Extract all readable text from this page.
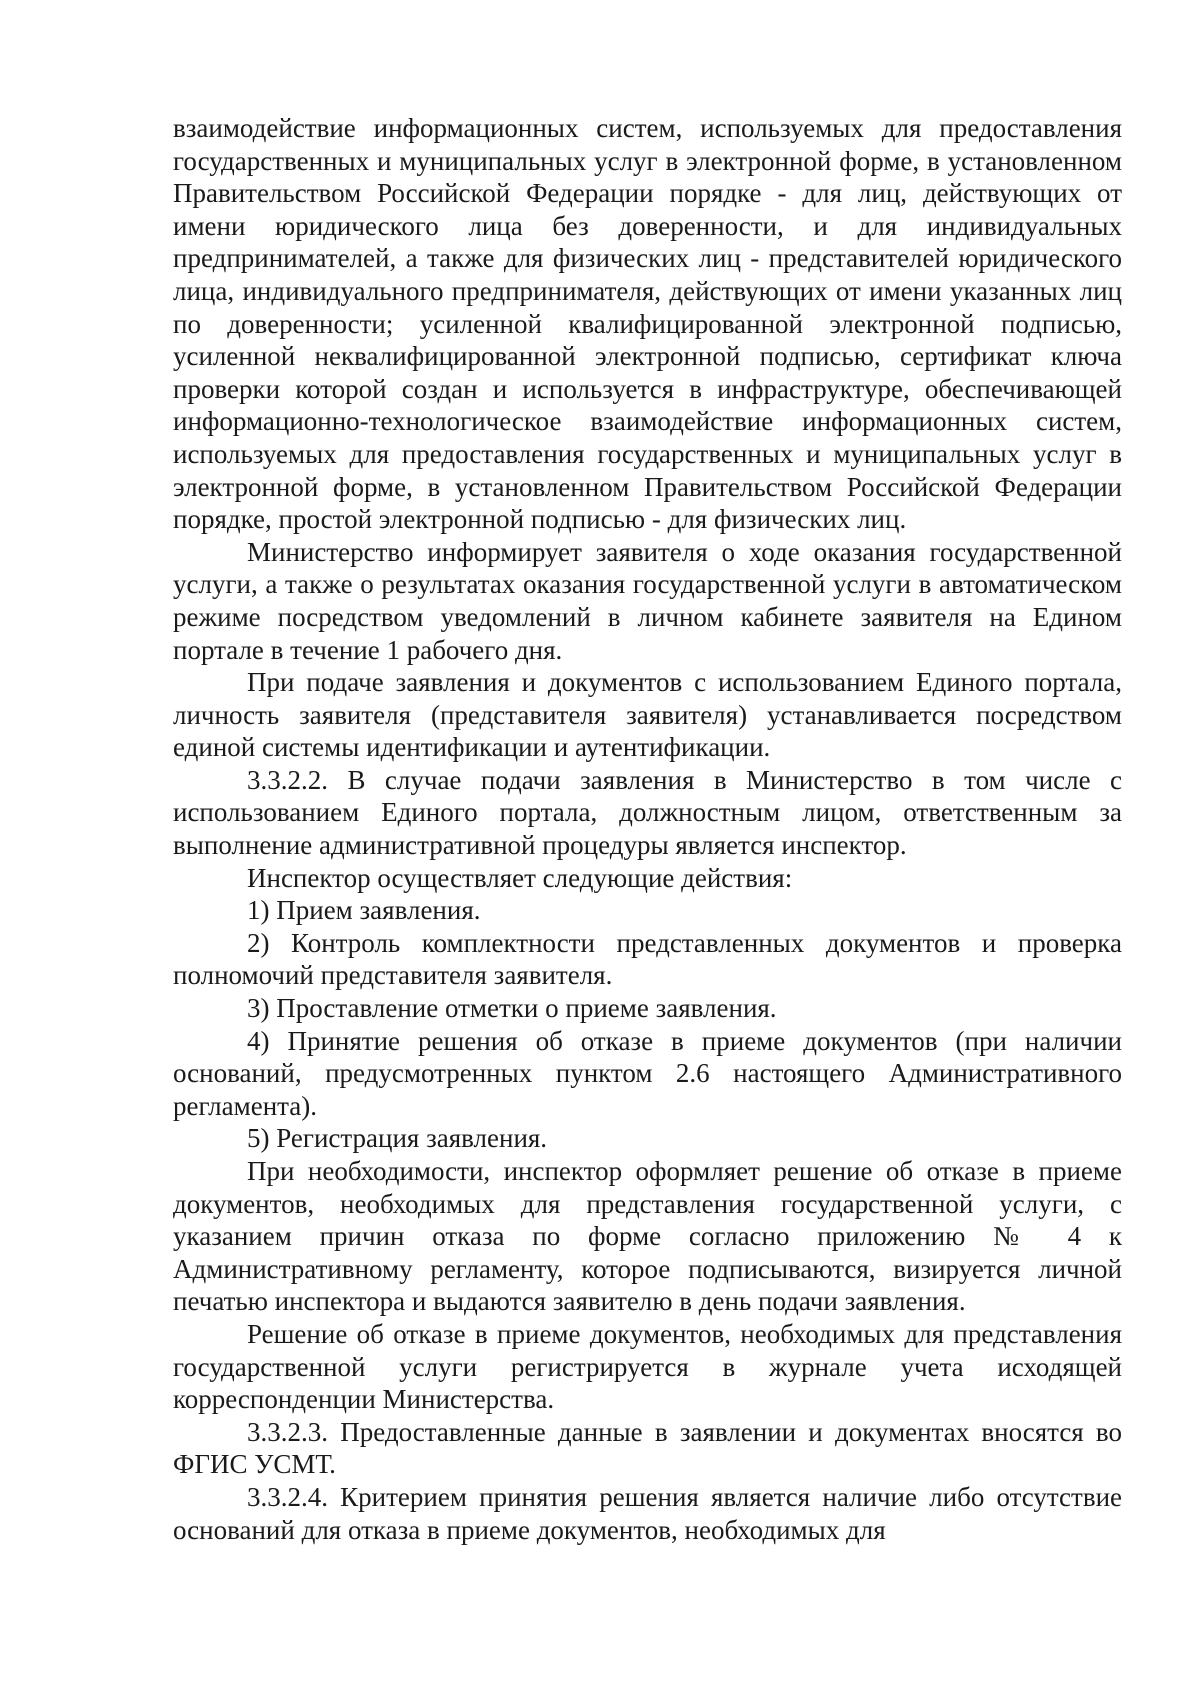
взаимодействие информационных систем, используемых для предоставления государственных и муниципальных услуг в электронной форме, в установленном Правительством Российской Федерации порядке - для лиц, действующих от имени юридического лица без доверенности, и для индивидуальных предпринимателей, а также для физических лиц - представителей юридического лица, индивидуального предпринимателя, действующих от имени указанных лиц по доверенности; усиленной квалифицированной электронной подписью, усиленной неквалифицированной электронной подписью, сертификат ключа проверки которой создан и используется в инфраструктуре, обеспечивающей информационно-технологическое взаимодействие информационных систем, используемых для предоставления государственных и муниципальных услуг в электронной форме, в установленном Правительством Российской Федерации порядке, простой электронной подписью - для физических лиц.

Министерство информирует заявителя о ходе оказания государственной услуги, а также о результатах оказания государственной услуги в автоматическом режиме посредством уведомлений в личном кабинете заявителя на Едином портале в течение 1 рабочего дня.

При подаче заявления и документов с использованием Единого портала, личность заявителя (представителя заявителя) устанавливается посредством единой системы идентификации и аутентификации.

3.3.2.2. В случае подачи заявления в Министерство в том числе с использованием Единого портала, должностным лицом, ответственным за выполнение административной процедуры является инспектор.

Инспектор осуществляет следующие действия:

1) Прием заявления.

2) Контроль комплектности представленных документов и проверка полномочий представителя заявителя.

3) Проставление отметки о приеме заявления.

4) Принятие решения об отказе в приеме документов (при наличии оснований, предусмотренных пунктом 2.6 настоящего Административного регламента).

5) Регистрация заявления.

При необходимости, инспектор оформляет решение об отказе в приеме документов, необходимых для представления государственной услуги, с указанием причин отказа по форме согласно приложению № 4 к Административному регламенту, которое подписываются, визируется личной печатью инспектора и выдаются заявителю в день подачи заявления.

Решение об отказе в приеме документов, необходимых для представления государственной услуги регистрируется в журнале учета исходящей корреспонденции Министерства.

3.3.2.3. Предоставленные данные в заявлении и документах вносятся во ФГИС УСМТ.

3.3.2.4. Критерием принятия решения является наличие либо отсутствие оснований для отказа в приеме документов, необходимых для
